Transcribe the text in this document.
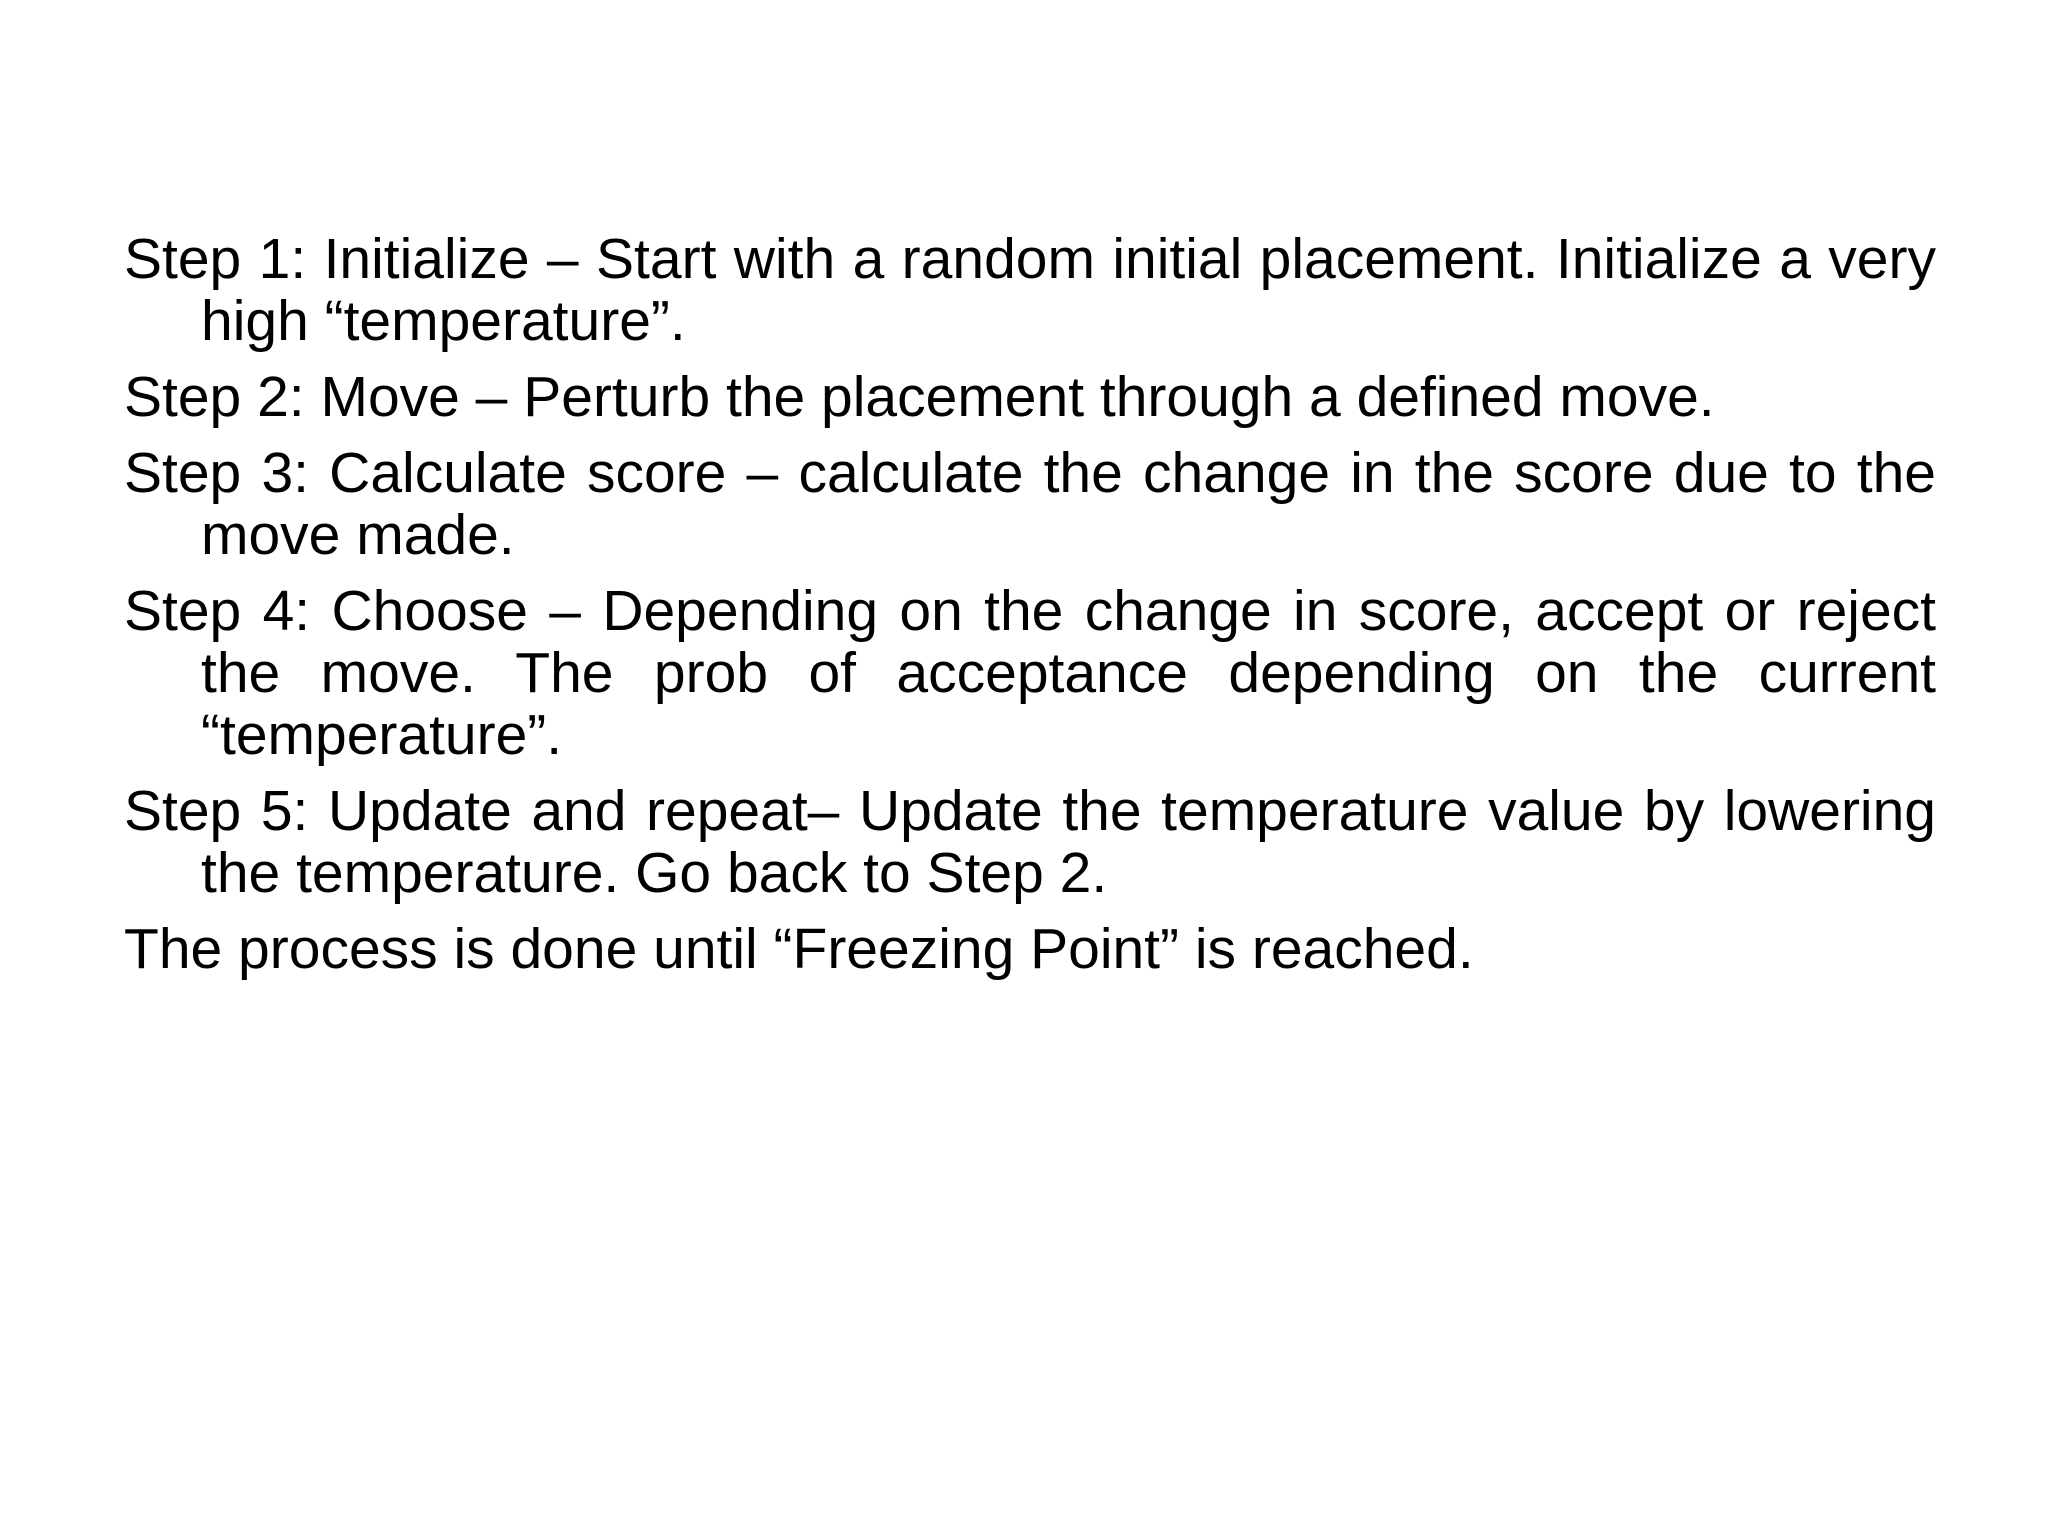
Step 1: Initialize – Start with a random initial placement. Initialize a very high “temperature”.

Step 2: Move – Perturb the placement through a defined move.

Step 3: Calculate score – calculate the change in the score due to the move made.

Step 4: Choose – Depending on the change in score, accept or reject the move. The prob of acceptance depending on the current “temperature”.

Step 5: Update and repeat– Update the temperature value by lowering the temperature. Go back to Step 2.

The process is done until “Freezing Point” is reached.
